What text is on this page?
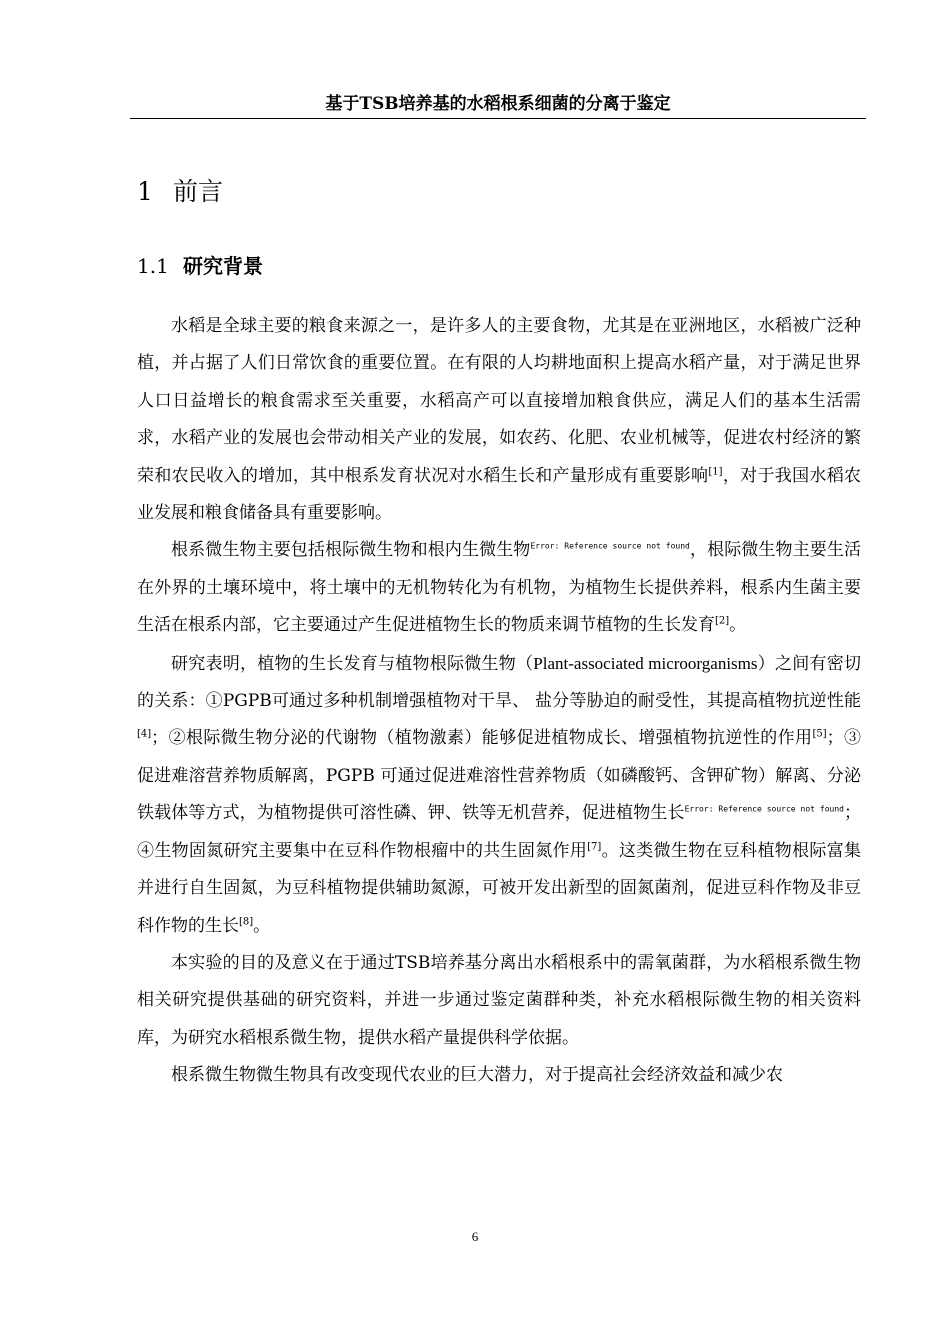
基于TSB培养基的水稻根系细菌的分离于鉴定
1 前言
1.1 研究背景

水稻是全球主要的粮食来源之一，是许多人的主要食物，尤其是在亚洲地区，水稻被广泛种植，并占据了人们日常饮食的重要位置。在有限的人均耕地面积上提高水稻产量，对于满足世界人口日益增长的粮食需求至关重要，水稻高产可以直接增加粮食供应，满足人们的基本生活需求，水稻产业的发展也会带动相关产业的发展，如农药、化肥、农业机械等，促进农村经济的繁荣和农民收入的增加，其中根系发育状况对水稻生长和产量形成有重要影响[1]，对于我国水稻农业发展和粮食储备具有重要影响。

根系微生物主要包括根际微生物和根内生微生物$^{Error: Reference source not found}$，根际微生物主要生活在外界的土壤环境中，将土壤中的无机物转化为有机物，为植物生长提供养料，根系内生菌主要生活在根系内部，它主要通过产生促进植物生长的物质来调节植物的生长发育[2]。

研究表明，植物的生长发育与植物根际微生物（Plant-associated microorganisms）之间有密切的关系：①PGPB可通过多种机制增强植物对干旱、 盐分等胁迫的耐受性，其提高植物抗逆性能[4]；②根际微生物分泌的代谢物（植物激素）能够促进植物成长、增强植物抗逆性的作用[5]；③促进难溶营养物质解离，PGPB 可通过促进难溶性营养物质（如磷酸钙、含钾矿物）解离、分泌铁载体等方式，为植物提供可溶性磷、钾、铁等无机营养，促进植物生长$^{Error: Reference source not found}$；④生物固氮研究主要集中在豆科作物根瘤中的共生固氮作用[7]。这类微生物在豆科植物根际富集并进行自生固氮，为豆科植物提供辅助氮源，可被开发出新型的固氮菌剂，促进豆科作物及非豆科作物的生长[8]。

本实验的目的及意义在于通过TSB培养基分离出水稻根系中的需氧菌群，为水稻根系微生物相关研究提供基础的研究资料，并进一步通过鉴定菌群种类，补充水稻根际微生物的相关资料库，为研究水稻根系微生物，提供水稻产量提供科学依据。

根系微生物微生物具有改变现代农业的巨大潜力，对于提高社会经济效益和减少农

6
